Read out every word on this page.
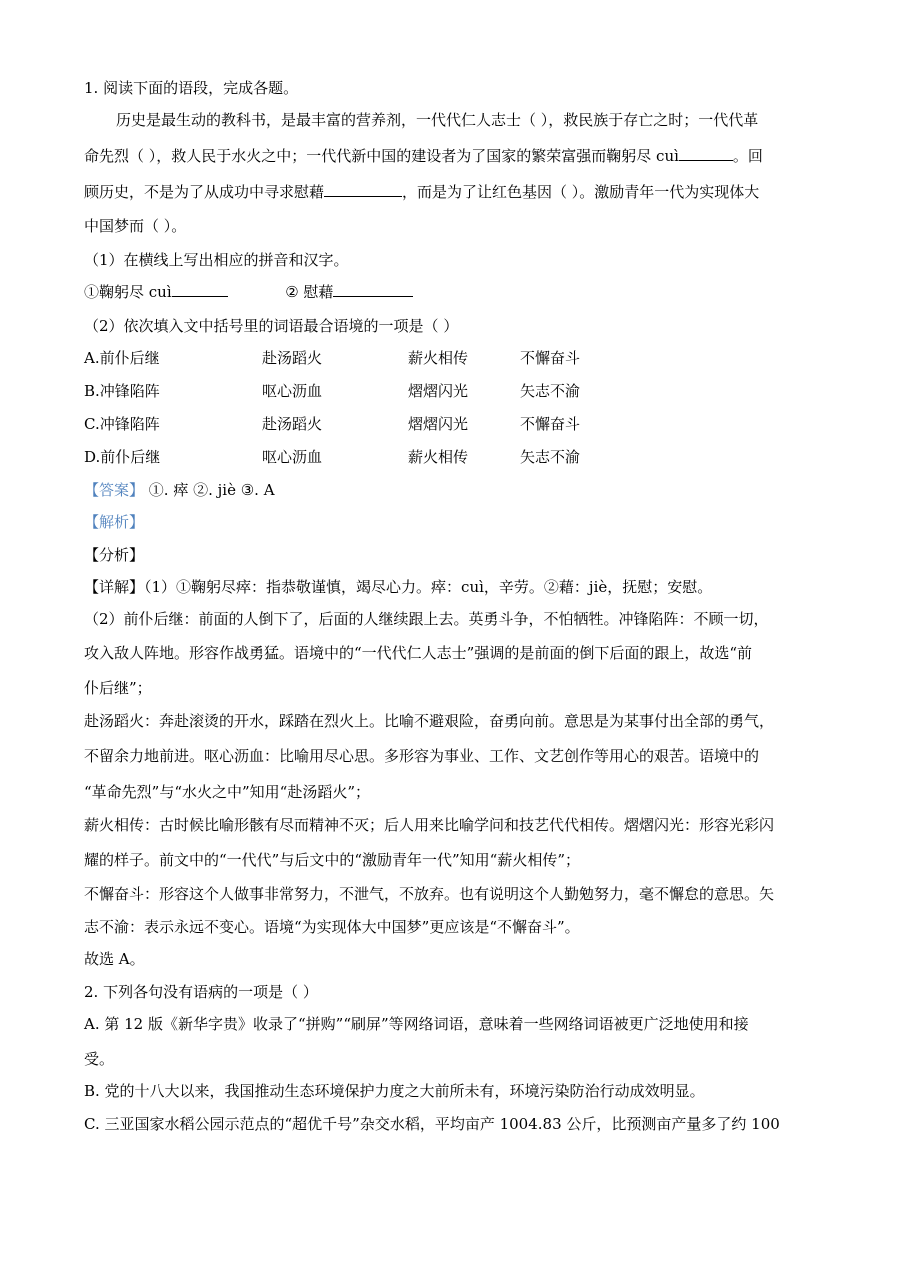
1. 阅读下面的语段，完成各题。
历史是最生动的教科书，是最丰富的营养剂，一代代仁人志士（ ），救民族于存亡之时；一代代革
命先烈（ ），救人民于水火之中；一代代新中国的建设者为了国家的繁荣富强而鞠躬尽 cuì	。回
顾历史，不是为了从成功中寻求慰藉	，而是为了让红色基因（ ）。激励青年一代为实现体大
中国梦而（ ）。
（1）在横线上写出相应的拼音和汉字。
①鞠躬尽 cuì	② 慰藉
（2）依次填入文中括号里的词语最合语境的一项是（ ）
A.前仆后继	赴汤蹈火	薪火相传	不懈奋斗
B.冲锋陷阵	呕心沥血	熠熠闪光	矢志不渝
C.冲锋陷阵	赴汤蹈火	熠熠闪光	不懈奋斗
D.前仆后继	呕心沥血	薪火相传	矢志不渝
【答案】 ①. 瘁 ②. jiè ③. A
【解析】
【分析】
【详解】（1）①鞠躬尽瘁：指恭敬谨慎，竭尽心力。瘁：cuì，辛劳。②藉：jiè，抚慰；安慰。
（2）前仆后继：前面的人倒下了，后面的人继续跟上去。英勇斗争，不怕牺牲。冲锋陷阵：不顾一切，
攻入敌人阵地。形容作战勇猛。语境中的“一代代仁人志士”强调的是前面的倒下后面的跟上，故选“前
仆后继”；
赴汤蹈火：奔赴滚烫的开水，踩踏在烈火上。比喻不避艰险，奋勇向前。意思是为某事付出全部的勇气，
不留余力地前进。呕心沥血：比喻用尽心思。多形容为事业、工作、文艺创作等用心的艰苦。语境中的
“革命先烈”与“水火之中”知用“赴汤蹈火”；
薪火相传：古时候比喻形骸有尽而精神不灭；后人用来比喻学问和技艺代代相传。熠熠闪光：形容光彩闪
耀的样子。前文中的“一代代”与后文中的“激励青年一代”知用“薪火相传”；
不懈奋斗：形容这个人做事非常努力，不泄气，不放弃。也有说明这个人勤勉努力，毫不懈怠的意思。矢
志不渝：表示永远不变心。语境“为实现体大中国梦”更应该是“不懈奋斗”。
故选 A。
2. 下列各句没有语病的一项是（ ）
A. 第 12 版《新华字贵》收录了“拼购”“刷屏”等网络词语，意味着一些网络词语被更广泛地使用和接
受。
B. 党的十八大以来，我国推动生态环境保护力度之大前所未有，环境污染防治行动成效明显。
C. 三亚国家水稻公园示范点的“超优千号”杂交水稻，平均亩产 1004.83 公斤，比预测亩产量多了约 100
